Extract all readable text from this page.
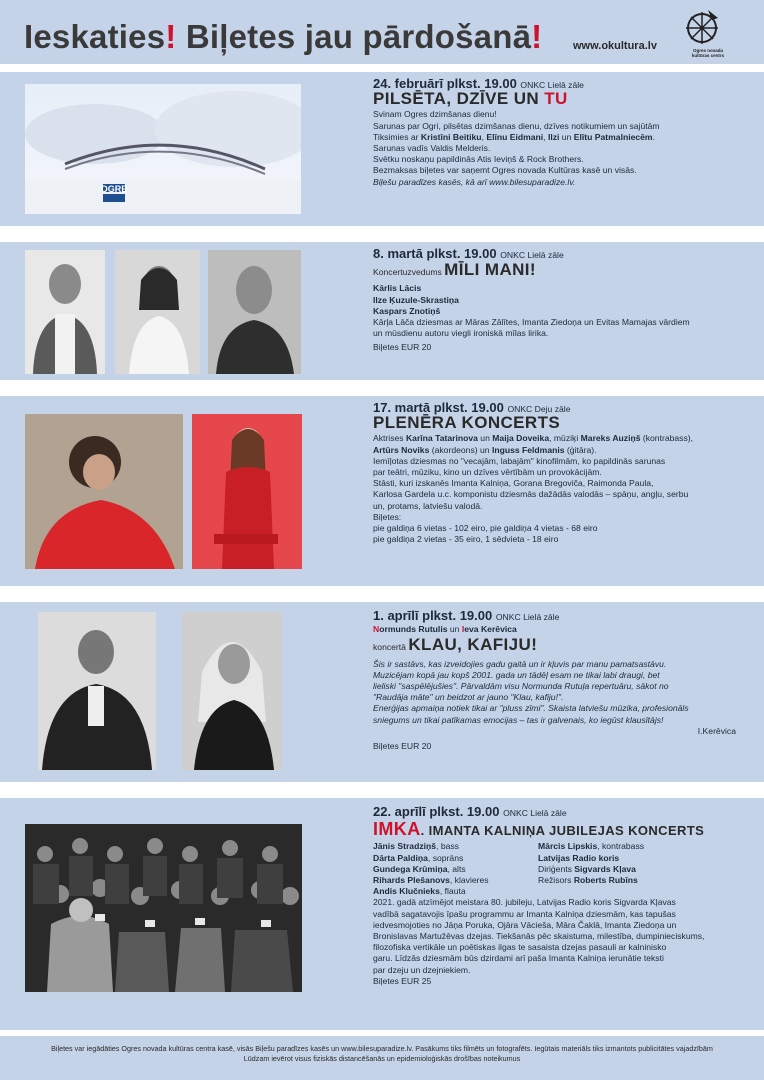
Ieskaties! Biļetes jau pārdošanā!	www.okultura.lv	Ogres novada
kultūras centrs
OGRE
24. februārī plkst. 19.00 ONKC Lielā zāle
PILSĒTA, DZĪVE UN TU
Svinam Ogres dzimšanas dienu!
Sarunas par Ogri, pilsētas dzimšanas dienu, dzīves notikumiem un sajūtām
Tiksimies ar Kristīni Beitiku, Elīnu Eidmani, Ilzi un Elītu Patmalniecēm.
Sarunas vadīs Valdis Melderis.
Svētku noskaņu papildinās Atis Ieviņš & Rock Brothers.
Bezmaksas biļetes var saņemt Ogres novada Kultūras kasē un visās.
Biļešu paradīzes kasēs, kā arī www.bilesuparadize.lv.
8. martā plkst. 19.00 ONKC Lielā zāle
Koncertuzvedums MĪLI MANI!
Kārlis Lācis
Ilze Ķuzule-Skrastiņa
Kaspars Znotiņš
Kārļa Lāča dziesmas ar Māras Zālītes, Imanta Ziedoņa un Evitas Mamajas vārdiem
un mūsdienu autoru viegli ironiskā mīlas lirika.
Biļetes EUR 20
17. martā plkst. 19.00 ONKC Deju zāle
PLENĒRA KONCERTS
Aktrises Karīna Tatarinova un Maija Doveika, mūziķi Mareks Auziņš (kontrabass),
Artūrs Noviks (akordeons) un Inguss Feldmanis (ģitāra).
Iemīļotas dziesmas no "vecajām, labajām" kinofilmām, ko papildinās sarunas
par teātri, mūziku, kino un dzīves vērtībām un provokācijām.
Stāsti, kuri izskanēs Imanta Kalniņa, Gorana Bregoviča, Raimonda Paula,
Karlosa Gardela u.c. komponistu dziesmās dažādās valodās – spāņu, angļu, serbu
un, protams, latviešu valodā.
Biļetes:
pie galdiņa 6 vietas - 102 eiro, pie galdiņa 4 vietas - 68 eiro
pie galdiņa 2 vietas - 35 eiro, 1 sēdvieta - 18 eiro
1. aprīlī plkst. 19.00 ONKC Lielā zāle
Normunds Rutulis un Ieva Kerēvica
koncertā KLAU, KAFIJU!
Šis ir sastāvs, kas izveidojies gadu gaitā un ir kļuvis par manu pamatsastāvu.
Muzicējam kopā jau kopš 2001. gada un tādēļ esam ne tikai labi draugi, bet
lieliski "saspēlējušies". Pārvaldām visu Normunda Rutuļa repertuāru, sākot no
"Raudāja māte" un beidzot ar jauno "Klau, kafiju!".
Enerģijas apmaiņa notiek tikai ar "pluss zīmi". Skaista latviešu mūzika, profesionāls
sniegums un tikai patīkamas emocijas – tas ir galvenais, ko iegūst klausītājs!
I.Kerēvica
Biļetes EUR 20
22. aprīlī plkst. 19.00 ONKC Lielā zāle
IMKA. IMANTA KALNIŅA JUBILEJAS KONCERTS
Jānis Stradziņš, bass
Dārta Paldiņa, soprāns
Gundega Krūmiņa, alts
Rihards Plešanovs, klavieres
Andis Klučnieks, flauta
Mārcis Lipskis, kontrabass
Latvijas Radio koris
Diriģents Sigvards Kļava
Režisors Roberts Rubīns
2021. gadā atzīmējot meistara 80. jubileju, Latvijas Radio koris Sigvarda Kļavas
vadībā sagatavojis īpašu programmu ar Imanta Kalniņa dziesmām, kas tapušas
iedvesmojoties no Jāņa Poruka, Ojāra Vācieša, Māra Čaklā, Imanta Ziedoņa un
Bronislavas Martužēvas dzejas. Tiekšanās pēc skaistuma, milestība, dumpinieciskums,
filozofiska vertikāle un poētiskas ilgas te sasaista dzejas pasauli ar kalninisko
garu. Līdzās dziesmām būs dzirdami arī paša Imanta Kalniņa ierunātie teksti
par dzeju un dzejniekiem.
Biļetes EUR 25
Biļetes var iegādāties Ogres novada kultūras centra kasē, visās Biļešu paradīzes kasēs un www.bilesuparadize.lv. Pasākums tiks filmēts un fotografēts. Iegūtais materiāls tiks izmantots publicitātes vajadzībām
Lūdzam ievērot visus fiziskās distancēšanās un epidemioloģiskās drošības noteikumus
